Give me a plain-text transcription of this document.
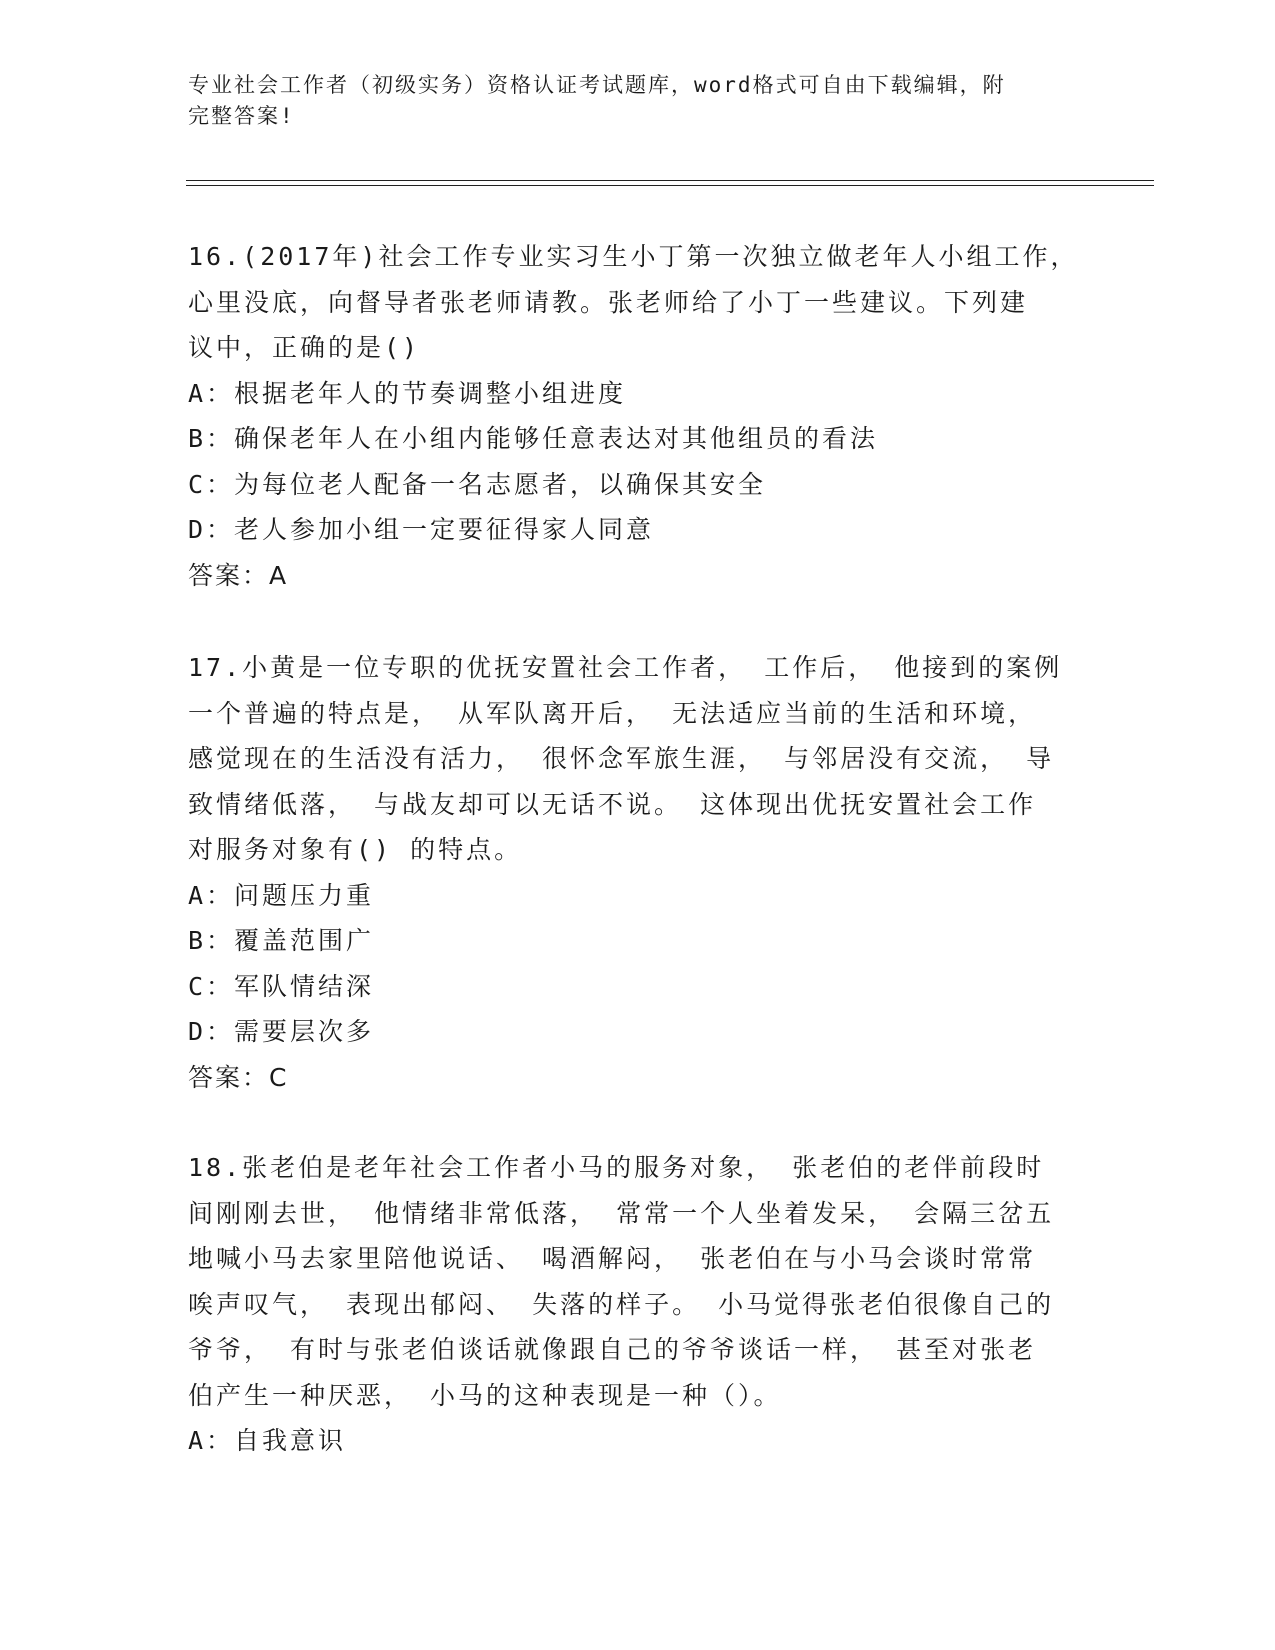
专业社会工作者（初级实务）资格认证考试题库，word格式可自由下载编辑，附
完整答案!
16.(2017年)社会工作专业实习生小丁第一次独立做老年人小组工作，
心里没底，向督导者张老师请教。张老师给了小丁一些建议。下列建
议中，正确的是()
A：根据老年人的节奏调整小组进度
B：确保老年人在小组内能够任意表达对其他组员的看法
C：为每位老人配备一名志愿者，以确保其安全
D：老人参加小组一定要征得家人同意
答案：A
17.小黄是一位专职的优抚安置社会工作者， 工作后， 他接到的案例
一个普遍的特点是， 从军队离开后， 无法适应当前的生活和环境，
感觉现在的生活没有活力， 很怀念军旅生涯， 与邻居没有交流， 导
致情绪低落， 与战友却可以无话不说。 这体现出优抚安置社会工作
对服务对象有() 的特点。
A：问题压力重
B：覆盖范围广
C：军队情结深
D：需要层次多
答案：C
18.张老伯是老年社会工作者小马的服务对象， 张老伯的老伴前段时
间刚刚去世， 他情绪非常低落， 常常一个人坐着发呆， 会隔三岔五
地喊小马去家里陪他说话、 喝酒解闷， 张老伯在与小马会谈时常常
唉声叹气， 表现出郁闷、 失落的样子。 小马觉得张老伯很像自己的
爷爷， 有时与张老伯谈话就像跟自己的爷爷谈话一样， 甚至对张老
伯产生一种厌恶， 小马的这种表现是一种（）。
A：自我意识
